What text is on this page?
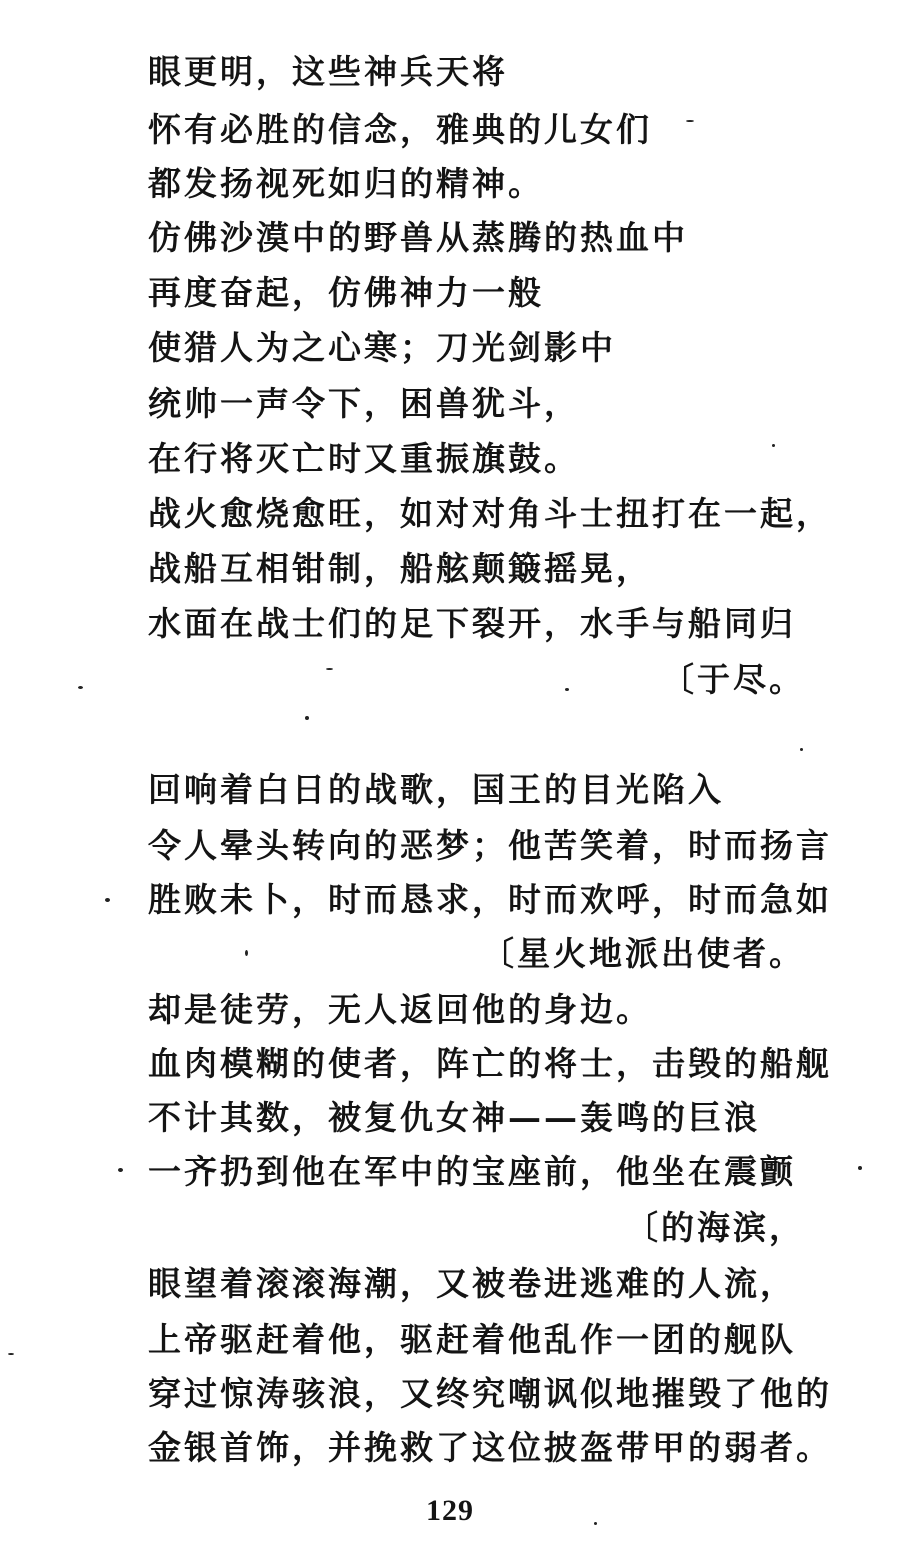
眼更明，这些神兵天将
怀有必胜的信念，雅典的儿女们
都发扬视死如归的精神。
仿佛沙漠中的野兽从蒸腾的热血中
再度奋起，仿佛神力一般
使猎人为之心寒；刀光剑影中
统帅一声令下，困兽犹斗，
在行将灭亡时又重振旗鼓。
战火愈烧愈旺，如对对角斗士扭打在一起，
战船互相钳制，船舷颠簸摇晃，
水面在战士们的足下裂开，水手与船同归
〔于尽。
回响着白日的战歌，国王的目光陷入
令人晕头转向的恶梦；他苦笑着，时而扬言
胜败未卜，时而恳求，时而欢呼，时而急如
〔星火地派出使者。
却是徒劳，无人返回他的身边。
血肉模糊的使者，阵亡的将士，击毁的船舰
不计其数，被复仇女神——轰鸣的巨浪
一齐扔到他在军中的宝座前，他坐在震颤
〔的海滨，
眼望着滚滚海潮，又被卷进逃难的人流，
上帝驱赶着他，驱赶着他乱作一团的舰队
穿过惊涛骇浪，又终究嘲讽似地摧毁了他的
金银首饰，并挽救了这位披盔带甲的弱者。
129
